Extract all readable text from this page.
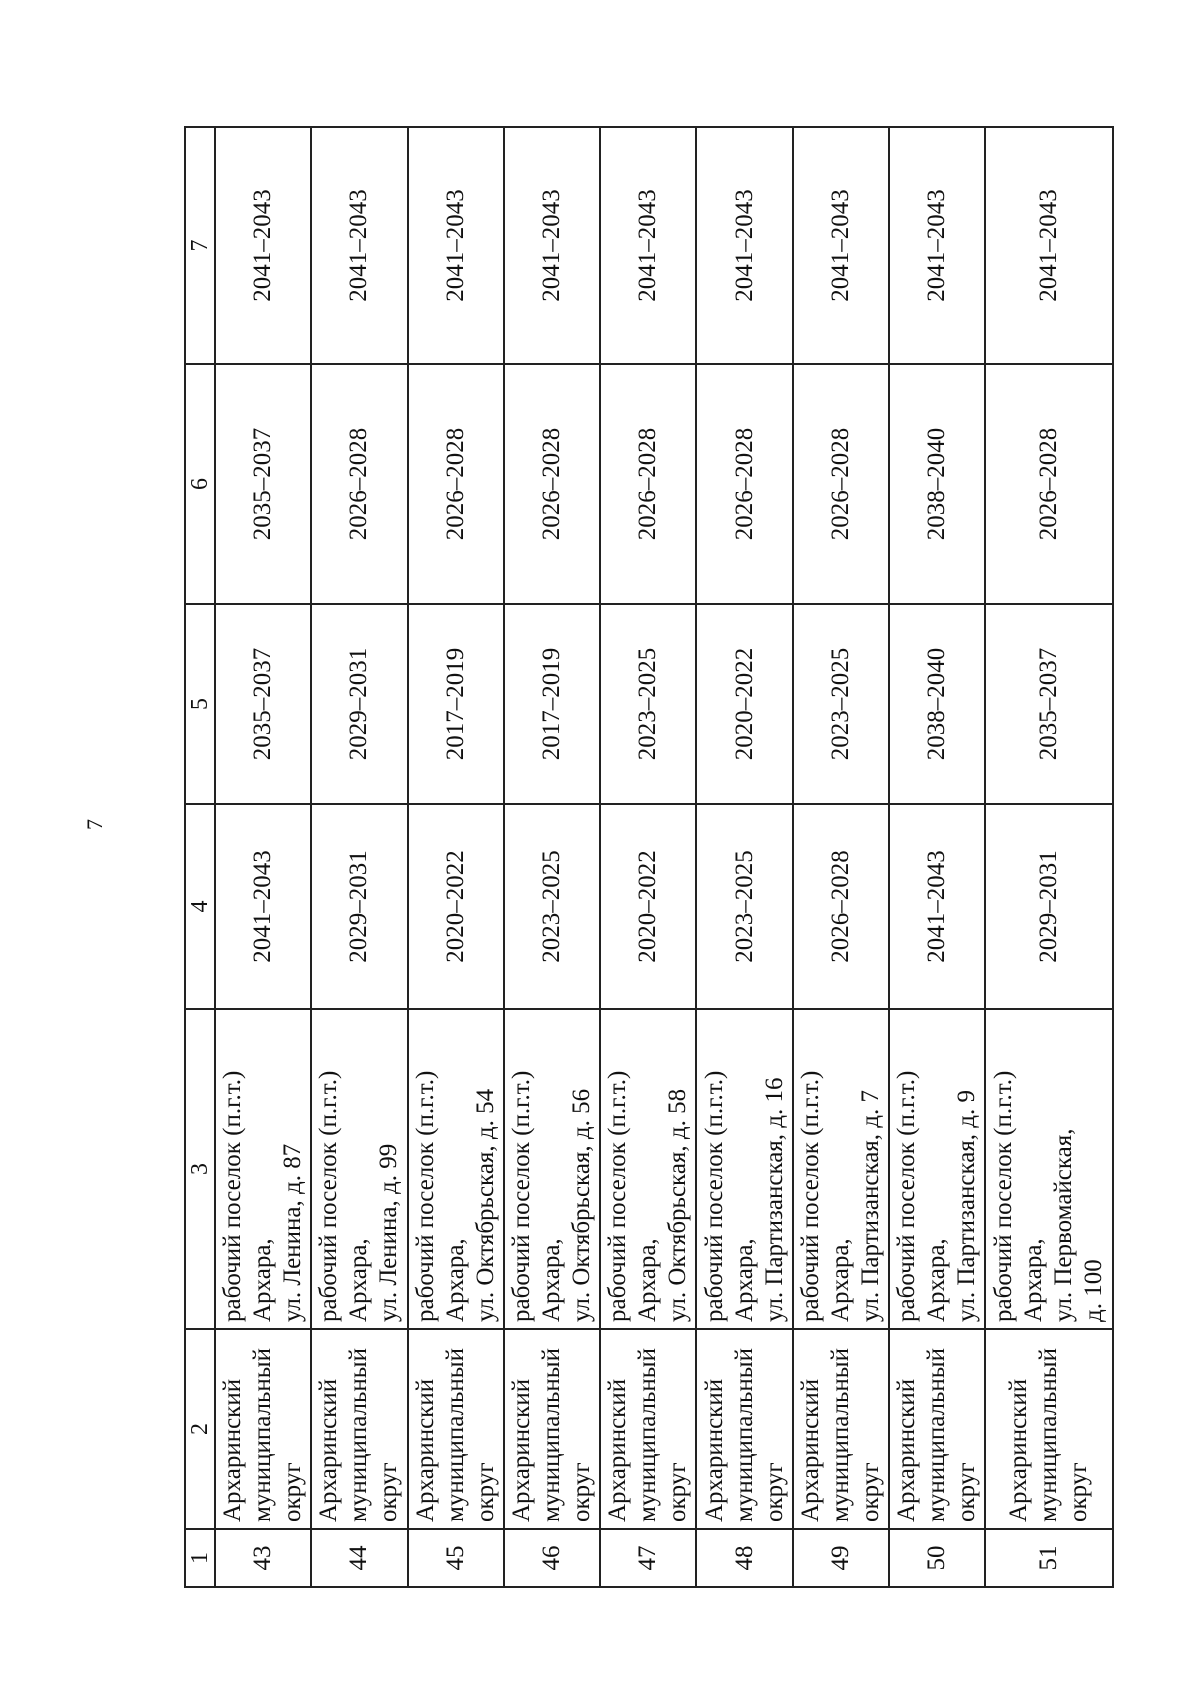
7
1	2	3	4	5	6	7
43	Архаринский
муниципальный
округ	рабочий поселок (п.г.т.)
Архара,
ул. Ленина, д. 87	2041–2043	2035–2037	2035–2037	2041–2043
44	Архаринский
муниципальный
округ	рабочий поселок (п.г.т.)
Архара,
ул. Ленина, д. 99	2029–2031	2029–2031	2026–2028	2041–2043
45	Архаринский
муниципальный
округ	рабочий поселок (п.г.т.)
Архара,
ул. Октябрьская, д. 54	2020–2022	2017–2019	2026–2028	2041–2043
46	Архаринский
муниципальный
округ	рабочий поселок (п.г.т.)
Архара,
ул. Октябрьская, д. 56	2023–2025	2017–2019	2026–2028	2041–2043
47	Архаринский
муниципальный
округ	рабочий поселок (п.г.т.)
Архара,
ул. Октябрьская, д. 58	2020–2022	2023–2025	2026–2028	2041–2043
48	Архаринский
муниципальный
округ	рабочий поселок (п.г.т.)
Архара,
ул. Партизанская, д. 16	2023–2025	2020–2022	2026–2028	2041–2043
49	Архаринский
муниципальный
округ	рабочий поселок (п.г.т.)
Архара,
ул. Партизанская, д. 7	2026–2028	2023–2025	2026–2028	2041–2043
50	Архаринский
муниципальный
округ	рабочий поселок (п.г.т.)
Архара,
ул. Партизанская, д. 9	2041–2043	2038–2040	2038–2040	2041–2043
51	Архаринский
муниципальный
округ	рабочий поселок (п.г.т.)
Архара,
ул. Первомайская,
д. 100	2029–2031	2035–2037	2026–2028	2041–2043
